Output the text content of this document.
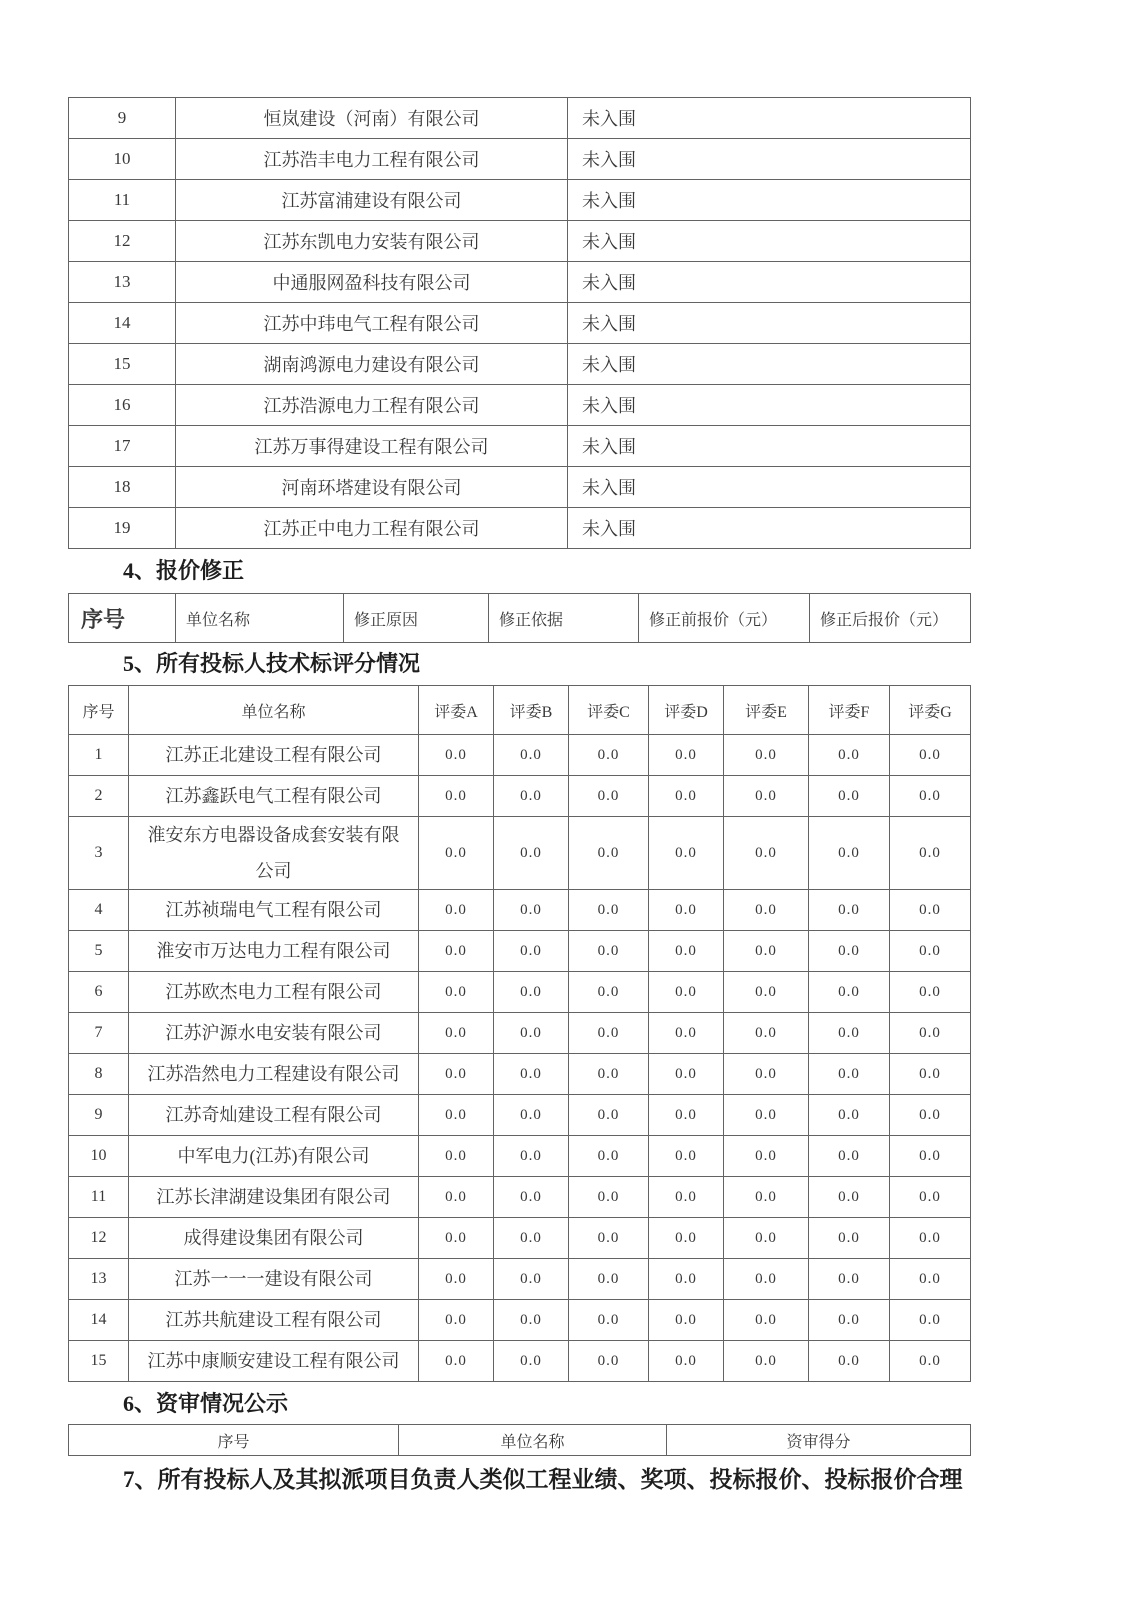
9	恒岚建设（河南）有限公司	未入围
10	江苏浩丰电力工程有限公司	未入围
11	江苏富浦建设有限公司	未入围
12	江苏东凯电力安装有限公司	未入围
13	中通服网盈科技有限公司	未入围
14	江苏中玮电气工程有限公司	未入围
15	湖南鸿源电力建设有限公司	未入围
16	江苏浩源电力工程有限公司	未入围
17	江苏万事得建设工程有限公司	未入围
18	河南环塔建设有限公司	未入围
19	江苏正中电力工程有限公司	未入围
4、报价修正
序号	单位名称	修正原因	修正依据	修正前报价（元）	修正后报价（元）
5、所有投标人技术标评分情况
序号	单位名称	评委A	评委B	评委C	评委D	评委E	评委F	评委G
1	江苏正北建设工程有限公司	0.0	0.0	0.0	0.0	0.0	0.0	0.0
2	江苏鑫跃电气工程有限公司	0.0	0.0	0.0	0.0	0.0	0.0	0.0
3	淮安东方电器设备成套安装有限公司	0.0	0.0	0.0	0.0	0.0	0.0	0.0
4	江苏祯瑞电气工程有限公司	0.0	0.0	0.0	0.0	0.0	0.0	0.0
5	淮安市万达电力工程有限公司	0.0	0.0	0.0	0.0	0.0	0.0	0.0
6	江苏欧杰电力工程有限公司	0.0	0.0	0.0	0.0	0.0	0.0	0.0
7	江苏沪源水电安装有限公司	0.0	0.0	0.0	0.0	0.0	0.0	0.0
8	江苏浩然电力工程建设有限公司	0.0	0.0	0.0	0.0	0.0	0.0	0.0
9	江苏奇灿建设工程有限公司	0.0	0.0	0.0	0.0	0.0	0.0	0.0
10	中军电力(江苏)有限公司	0.0	0.0	0.0	0.0	0.0	0.0	0.0
11	江苏长津湖建设集团有限公司	0.0	0.0	0.0	0.0	0.0	0.0	0.0
12	成得建设集团有限公司	0.0	0.0	0.0	0.0	0.0	0.0	0.0
13	江苏一一一建设有限公司	0.0	0.0	0.0	0.0	0.0	0.0	0.0
14	江苏共航建设工程有限公司	0.0	0.0	0.0	0.0	0.0	0.0	0.0
15	江苏中康顺安建设工程有限公司	0.0	0.0	0.0	0.0	0.0	0.0	0.0
6、资审情况公示
序号	单位名称	资审得分
7、所有投标人及其拟派项目负责人类似工程业绩、奖项、投标报价、投标报价合理
